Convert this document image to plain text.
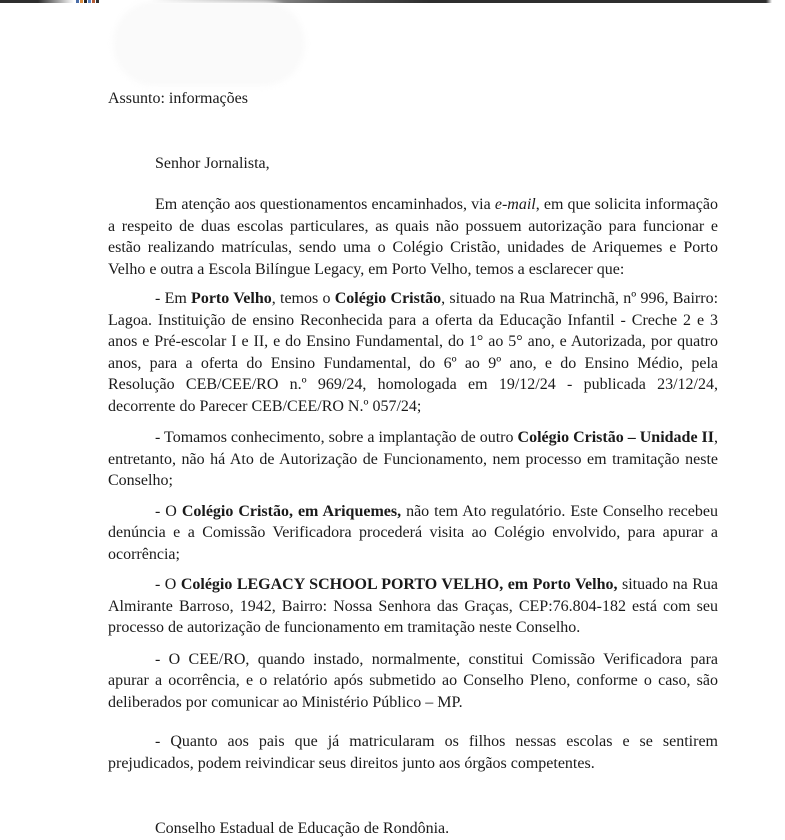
Assunto: informações

Senhor Jornalista,

Em atenção aos questionamentos encaminhados, via e-mail, em que solicita informação a respeito de duas escolas particulares, as quais não possuem autorização para funcionar e estão realizando matrículas, sendo uma o Colégio Cristão, unidades de Ariquemes e Porto Velho e outra a Escola Bilíngue Legacy, em Porto Velho, temos a esclarecer que:

- Em Porto Velho, temos o Colégio Cristão, situado na Rua Matrinchã, nº 996, Bairro: Lagoa. Instituição de ensino Reconhecida para a oferta da Educação Infantil - Creche 2 e 3 anos e Pré-escolar I e II, e do Ensino Fundamental, do 1° ao 5° ano, e Autorizada, por quatro anos, para a oferta do Ensino Fundamental, do 6º ao 9º ano, e do Ensino Médio, pela Resolução CEB/CEE/RO n.º 969/24, homologada em 19/12/24 - publicada 23/12/24, decorrente do Parecer CEB/CEE/RO N.º 057/24;

- Tomamos conhecimento, sobre a implantação de outro Colégio Cristão – Unidade II, entretanto, não há Ato de Autorização de Funcionamento, nem processo em tramitação neste Conselho;

- O Colégio Cristão, em Ariquemes, não tem Ato regulatório. Este Conselho recebeu denúncia e a Comissão Verificadora procederá visita ao Colégio envolvido, para apurar a ocorrência;

- O Colégio LEGACY SCHOOL PORTO VELHO, em Porto Velho, situado na Rua Almirante Barroso, 1942, Bairro: Nossa Senhora das Graças, CEP:76.804-182 está com seu processo de autorização de funcionamento em tramitação neste Conselho.

- O CEE/RO, quando instado, normalmente, constitui Comissão Verificadora para apurar a ocorrência, e o relatório após submetido ao Conselho Pleno, conforme o caso, são deliberados por comunicar ao Ministério Público – MP.

- Quanto aos pais que já matricularam os filhos nessas escolas e se sentirem prejudicados, podem reivindicar seus direitos junto aos órgãos competentes.

Conselho Estadual de Educação de Rondônia.
